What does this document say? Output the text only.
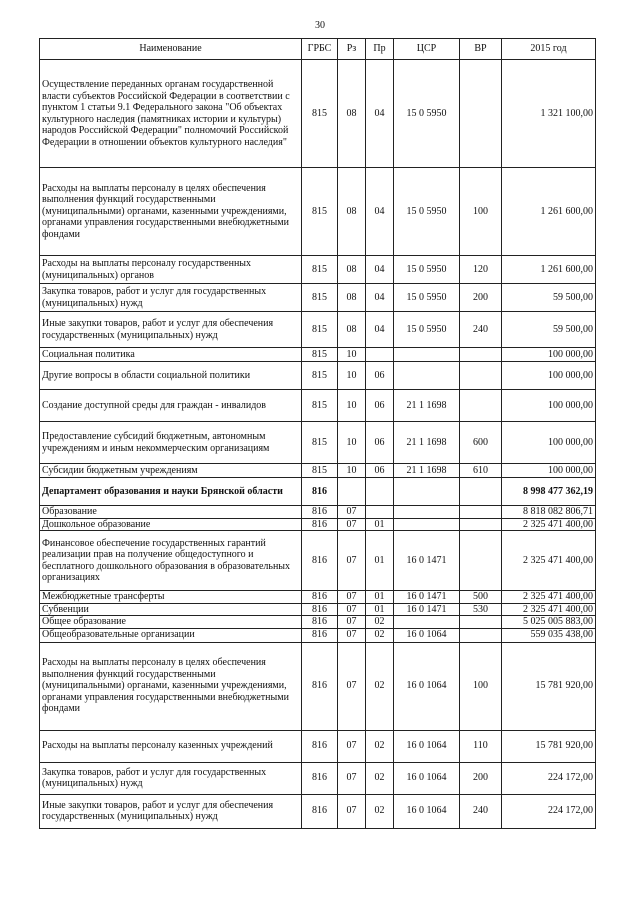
30
Наименование	ГРБС	Рз	Пр	ЦСР	ВР	2015 год
Осуществление переданных органам государственной власти субъектов Российской Федерации в соответствии с пунктом 1 статьи 9.1 Федерального закона "Об объектах культурного наследия (памятниках истории и культуры) народов Российской Федерации" полномочий Российской Федерации в отношении объектов культурного наследия"	815	08	04	15 0 5950		1 321 100,00
Расходы на выплаты персоналу в целях обеспечения выполнения функций государственными (муниципальными) органами, казенными учреждениями, органами управления государственными внебюджетными фондами	815	08	04	15 0 5950	100	1 261 600,00
Расходы на выплаты персоналу государственных (муниципальных) органов	815	08	04	15 0 5950	120	1 261 600,00
Закупка товаров, работ и услуг для государственных (муниципальных) нужд	815	08	04	15 0 5950	200	59 500,00
Иные закупки товаров, работ и услуг для обеспечения государственных (муниципальных) нужд	815	08	04	15 0 5950	240	59 500,00
Социальная политика	815	10				100 000,00
Другие вопросы в области социальной политики	815	10	06			100 000,00
Создание доступной среды для граждан - инвалидов	815	10	06	21 1 1698		100 000,00
Предоставление субсидий бюджетным, автономным учреждениям и иным некоммерческим организациям	815	10	06	21 1 1698	600	100 000,00
Субсидии бюджетным учреждениям	815	10	06	21 1 1698	610	100 000,00
Департамент образования и науки Брянской области	816					8 998 477 362,19
Образование	816	07				8 818 082 806,71
Дошкольное образование	816	07	01			2 325 471 400,00
Финансовое обеспечение государственных гарантий реализации прав на получение общедоступного и бесплатного дошкольного образования в образовательных организациях	816	07	01	16 0 1471		2 325 471 400,00
Межбюджетные трансферты	816	07	01	16 0 1471	500	2 325 471 400,00
Субвенции	816	07	01	16 0 1471	530	2 325 471 400,00
Общее образование	816	07	02			5 025 005 883,00
Общеобразовательные организации	816	07	02	16 0 1064		559 035 438,00
Расходы на выплаты персоналу в целях обеспечения выполнения функций государственными (муниципальными) органами, казенными учреждениями, органами управления государственными внебюджетными фондами	816	07	02	16 0 1064	100	15 781 920,00
Расходы на выплаты персоналу казенных учреждений	816	07	02	16 0 1064	110	15 781 920,00
Закупка товаров, работ и услуг для государственных (муниципальных) нужд	816	07	02	16 0 1064	200	224 172,00
Иные закупки товаров, работ и услуг для обеспечения государственных (муниципальных) нужд	816	07	02	16 0 1064	240	224 172,00
